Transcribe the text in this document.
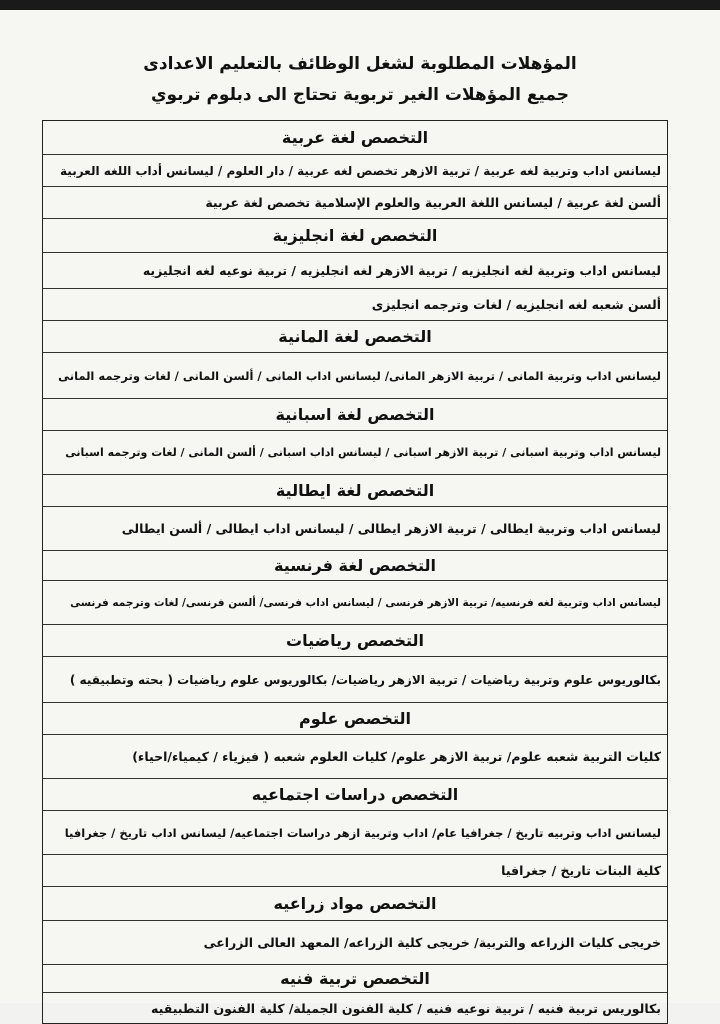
المؤهلات المطلوبة لشغل الوظائف بالتعليم الاعدادى
جميع المؤهلات الغير تربوية تحتاج الى دبلوم تربوي
التخصص لغة عربية
ليسانس اداب وتربية لغه عربية / تربية الازهر تخصص لغه عربية / دار العلوم / ليسانس أداب اللغه العربية
ألسن لغة عربية / ليسانس اللغة العربية والعلوم الإسلامية تخصص لغة عربية
التخصص لغة انجليزية
ليسانس اداب وتربية لغه انجليزيه / تربية الازهر لغه انجليزيه / تربية نوعيه لغه انجليزيه
ألسن شعبه لغه انجليزيه / لغات وترجمه انجليزى
التخصص لغة المانية
ليسانس اداب وتربية المانى / تربية الازهر المانى/ ليسانس اداب المانى / ألسن المانى / لغات وترجمه المانى
التخصص لغة اسبانية
ليسانس اداب وتربية اسبانى / تربية الازهر اسبانى / ليسانس اداب اسبانى / ألسن المانى / لغات وترجمه اسبانى
التخصص لغة ايطالية
ليسانس اداب وتربية ايطالى / تربية الازهر ايطالى / ليسانس اداب ايطالى / ألسن ايطالى
التخصص لغة فرنسية
ليسانس اداب وتربية لغه فرنسيه/ تربية الازهر فرنسى / ليسانس اداب فرنسى/ ألسن فرنسى/ لغات وترجمه فرنسى
التخصص رياضيات
بكالوريوس علوم وتربية رياضيات / تربية الازهر رياضيات/ بكالوريوس علوم رياضيات ( بحته وتطبيقيه )
التخصص علوم
كليات التربية شعبه علوم/ تربية الازهر علوم/ كليات العلوم شعبه ( فيزياء / كيمياء/احياء)
التخصص دراسات اجتماعيه
ليسانس اداب وتربيه تاريخ / جغرافيا عام/ اداب وتربية ازهر دراسات اجتماعيه/ ليسانس اداب تاريخ / جغرافيا
كلية البنات تاريخ / جغرافيا
التخصص مواد زراعيه
خريجى كليات الزراعه والتربية/ خريجى كلية الزراعه/ المعهد العالى الزراعى
التخصص تربية فنيه
بكالوريس تربية فنيه / تربية نوعيه فنيه / كلية الفنون الجميلة/ كلية الفنون التطبيقيه
